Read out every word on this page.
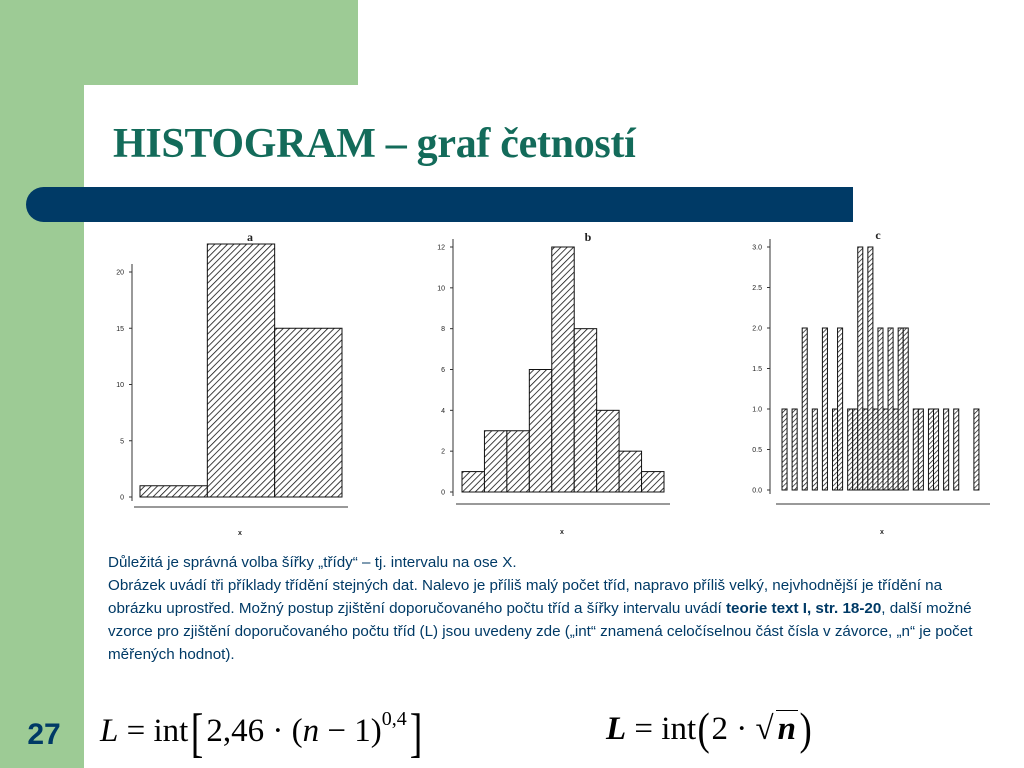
HISTOGRAM – graf četností
0
5
10
15
20
a
x
0
2
4
6
8
10
12
b
x
0.0
0.5
1.0
1.5
2.0
2.5
3.0
c
x

Důležitá je správná volba šířky „třídy“ – tj. intervalu na ose X.

Obrázek uvádí tři příklady třídění stejných dat. Nalevo je příliš malý počet tříd, napravo příliš velký, nejvhodnější je třídění na obrázku uprostřed. Možný postup zjištění doporučovaného počtu tříd a šířky intervalu uvádí teorie text I, str. 18-20, další možné vzorce pro zjištění doporučovaného počtu tříd (L) jsou uvedeny zde („int“ znamená celočíselnou část čísla v závorce, „n“ je počet měřených hodnot).

$L = int[2,46 \cdot (n - 1)^{0,4}]$	L = int(2 · √ n)
27
